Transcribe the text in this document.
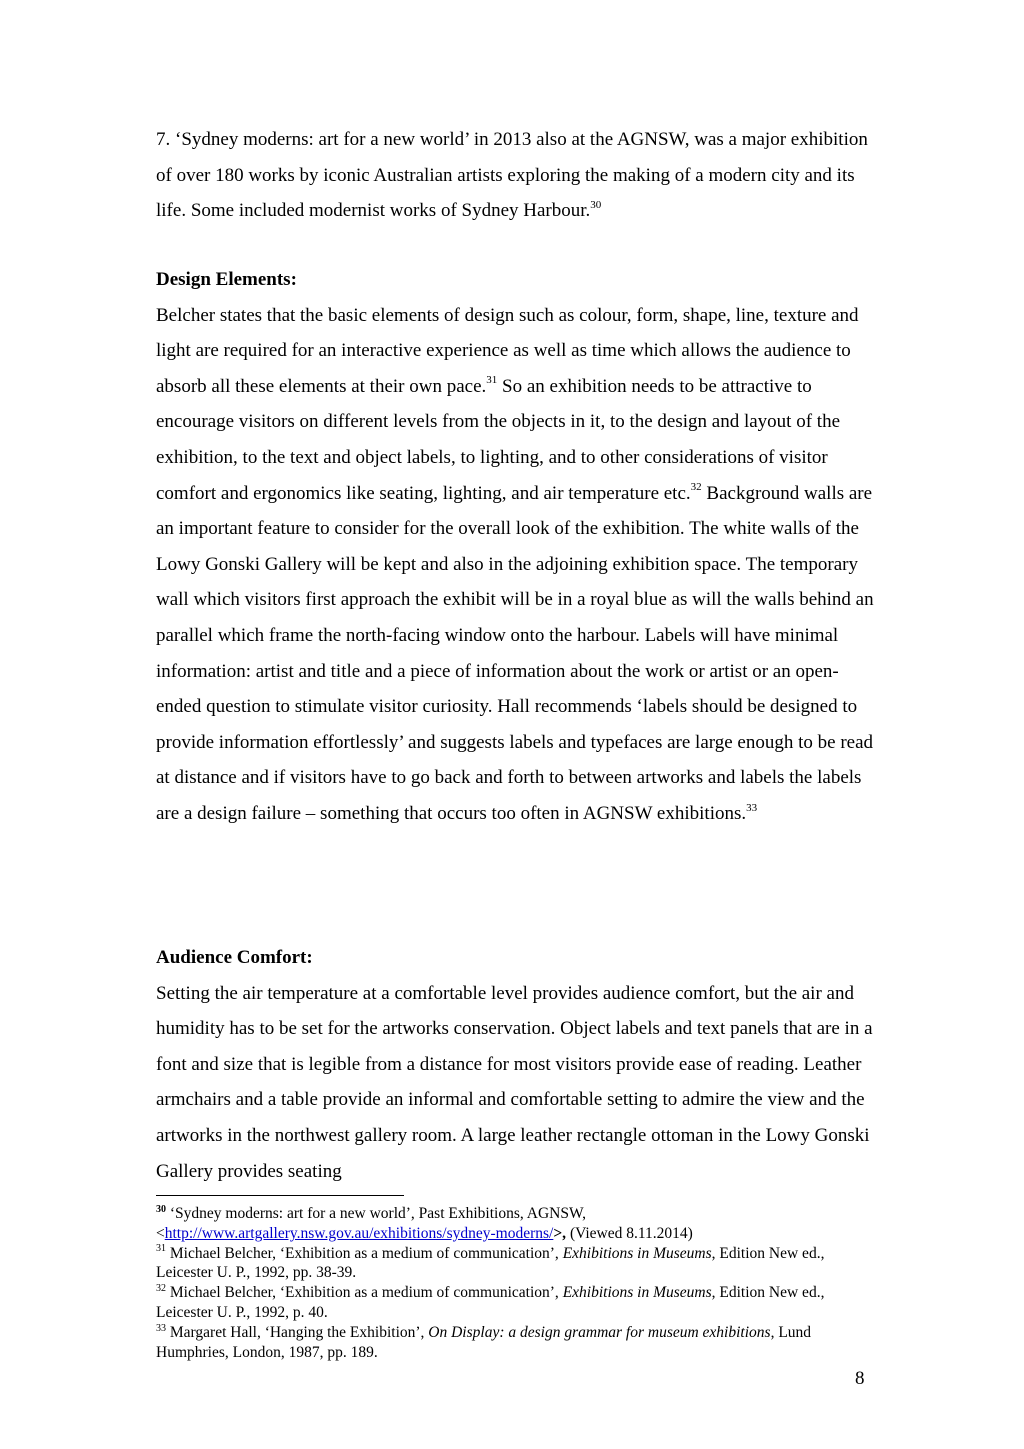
7. ‘Sydney moderns: art for a new world’ in 2013 also at the AGNSW, was a major exhibition of over 180 works by iconic Australian artists exploring the making of a modern city and its life. Some included modernist works of Sydney Harbour.$^{30}$

Design Elements:

Belcher states that the basic elements of design such as colour, form, shape, line, texture and light are required for an interactive experience as well as time which allows the audience to absorb all these elements at their own pace.$^{31}$ So an exhibition needs to be attractive to encourage visitors on different levels from the objects in it, to the design and layout of the exhibition, to the text and object labels, to lighting, and to other considerations of visitor comfort and ergonomics like seating, lighting, and air temperature etc.$^{32}$ Background walls are an important feature to consider for the overall look of the exhibition. The white walls of the Lowy Gonski Gallery will be kept and also in the adjoining exhibition space. The temporary wall which visitors first approach the exhibit will be in a royal blue as will the walls behind an parallel which frame the north-facing window onto the harbour. Labels will have minimal information: artist and title and a piece of information about the work or artist or an open-ended question to stimulate visitor curiosity. Hall recommends ‘labels should be designed to provide information effortlessly’ and suggests labels and typefaces are large enough to be read at distance and if visitors have to go back and forth to between artworks and labels the labels are a design failure – something that occurs too often in AGNSW exhibitions.$^{33}$

Audience Comfort:

Setting the air temperature at a comfortable level provides audience comfort, but the air and humidity has to be set for the artworks conservation. Object labels and text panels that are in a font and size that is legible from a distance for most visitors provide ease of reading. Leather armchairs and a table provide an informal and comfortable setting to admire the view and the artworks in the northwest gallery room. A large leather rectangle ottoman in the Lowy Gonski Gallery provides seating

$^{30}$ ‘Sydney moderns: art for a new world’, Past Exhibitions, AGNSW, <http://www.artgallery.nsw.gov.au/exhibitions/sydney-moderns/>, (Viewed 8.11.2014)

$^{31}$ Michael Belcher, ‘Exhibition as a medium of communication’, Exhibitions in Museums, Edition New ed., Leicester U. P., 1992, pp. 38-39.

$^{32}$ Michael Belcher, ‘Exhibition as a medium of communication’, Exhibitions in Museums, Edition New ed., Leicester U. P., 1992, p. 40.

$^{33}$ Margaret Hall, ‘Hanging the Exhibition’, On Display: a design grammar for museum exhibitions, Lund Humphries, London, 1987, pp. 189.

8
